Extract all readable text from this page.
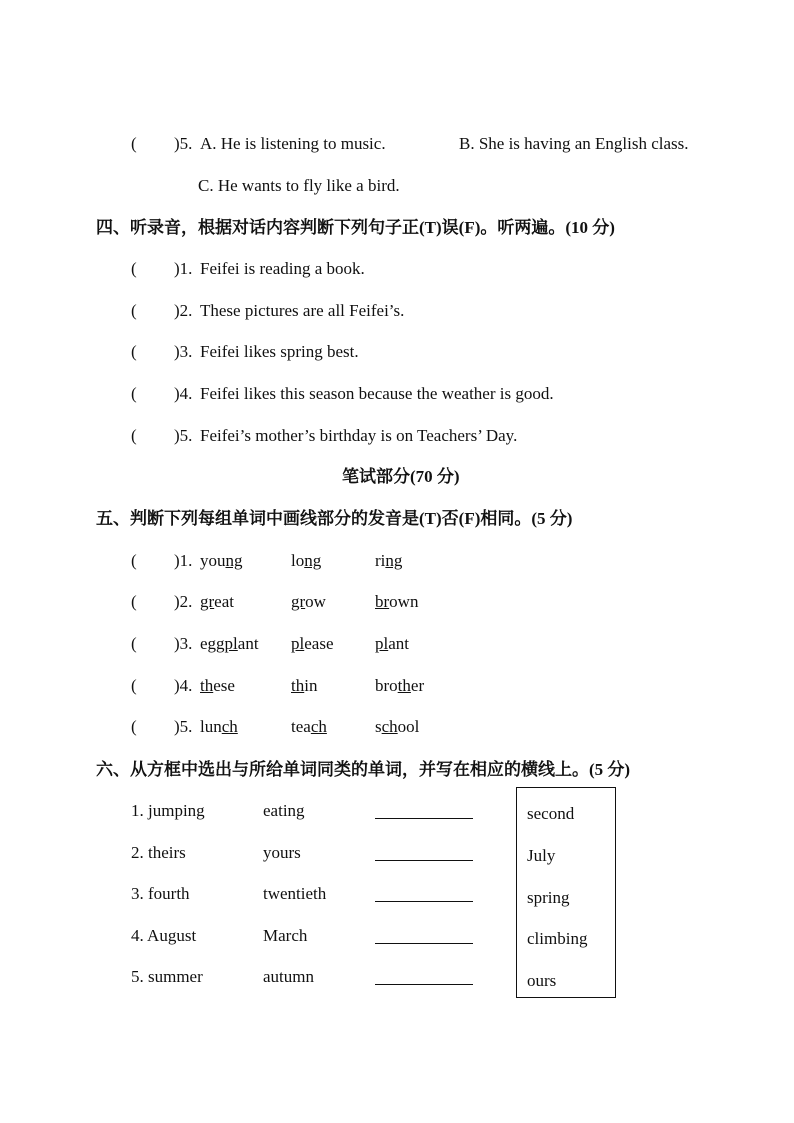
( )5. A. He is listening to music.	B. She is having an English class.
C. He wants to fly like a bird.
四、听录音，根据对话内容判断下列句子正(T)误(F)。听两遍。(10 分)
( )1. Feifei is reading a book.
( )2. These pictures are all Feifei’s.
( )3. Feifei likes spring best.
( )4. Feifei likes this season because the weather is good.
( )5. Feifei’s mother’s birthday is on Teachers’ Day.
笔试部分(70 分)
五、判断下列每组单词中画线部分的发音是(T)否(F)相同。(5 分)
( )1. young	long	ring
( )2. great	grow	brown
( )3. eggplant please plant
( )4. these	thin	brother
( )5. lunch	teach	school
六、从方框中选出与所给单词同类的单词，并写在相应的横线上。(5 分)
1. jumping	eating
2. theirs	yours
3. fourth	twentieth
4. August	March
5. summer	autumn
second
July
spring
climbing
ours
